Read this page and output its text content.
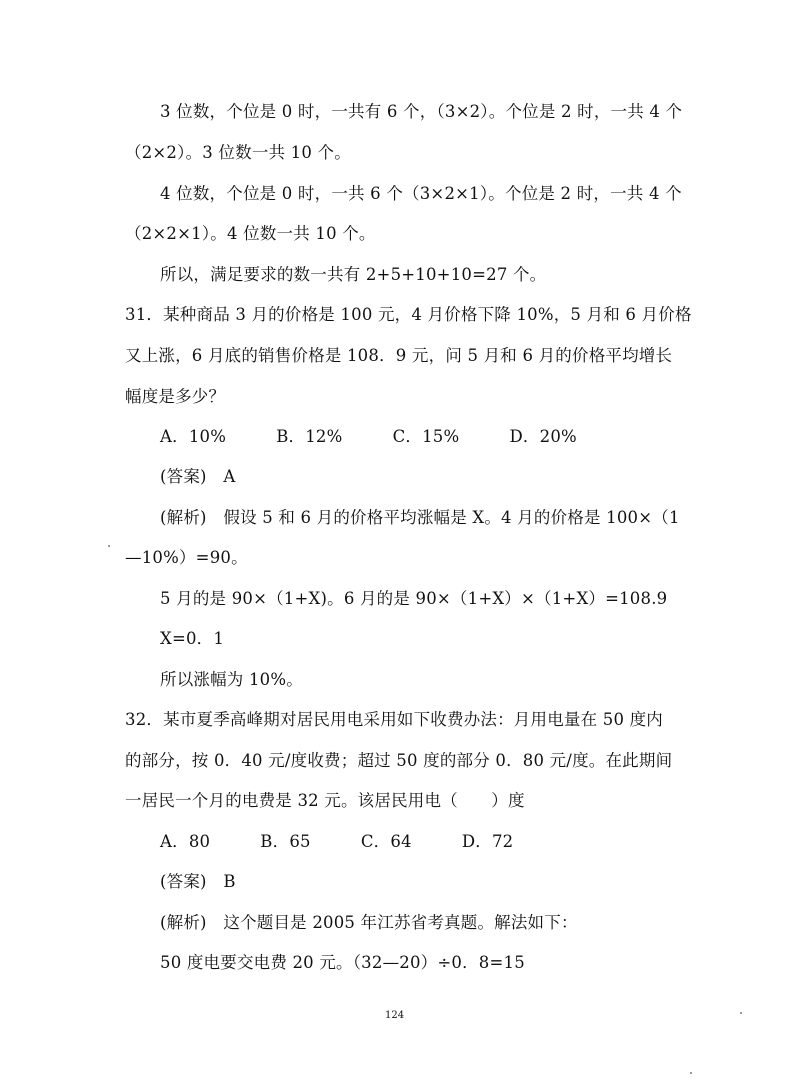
3 位数，个位是 0 时，一共有 6 个，（3×2）。个位是 2 时，一共 4 个
（2×2）。3 位数一共 10 个。
4 位数，个位是 0 时，一共 6 个（3×2×1）。个位是 2 时，一共 4 个
（2×2×1）。4 位数一共 10 个。
所以，满足要求的数一共有 2+5+10+10=27 个。
31．某种商品 3 月的价格是 100 元，4 月价格下降 10%，5 月和 6 月价格
又上涨，6 月底的销售价格是 108．9 元，问 5 月和 6 月的价格平均增长
幅度是多少？
A．10%　　　B．12%　　　C．15%　　　D．20%
(答案)　A
(解析)　假设 5 和 6 月的价格平均涨幅是 X。4 月的价格是 100×（1
—10%）=90。
5 月的是 90×（1+X)。6 月的是 90×（1+X）×（1+X）=108.9
X=0．1
所以涨幅为 10%。
32．某市夏季高峰期对居民用电采用如下收费办法：月用电量在 50 度内
的部分，按 0．40 元/度收费；超过 50 度的部分 0．80 元/度。在此期间
一居民一个月的电费是 32 元。该居民用电（　　）度
A．80　　　B．65　　　C．64　　　D．72
(答案)　B
(解析)　这个题目是 2005 年江苏省考真题。解法如下：
50 度电要交电费 20 元。（32—20）÷0．8=15
124
